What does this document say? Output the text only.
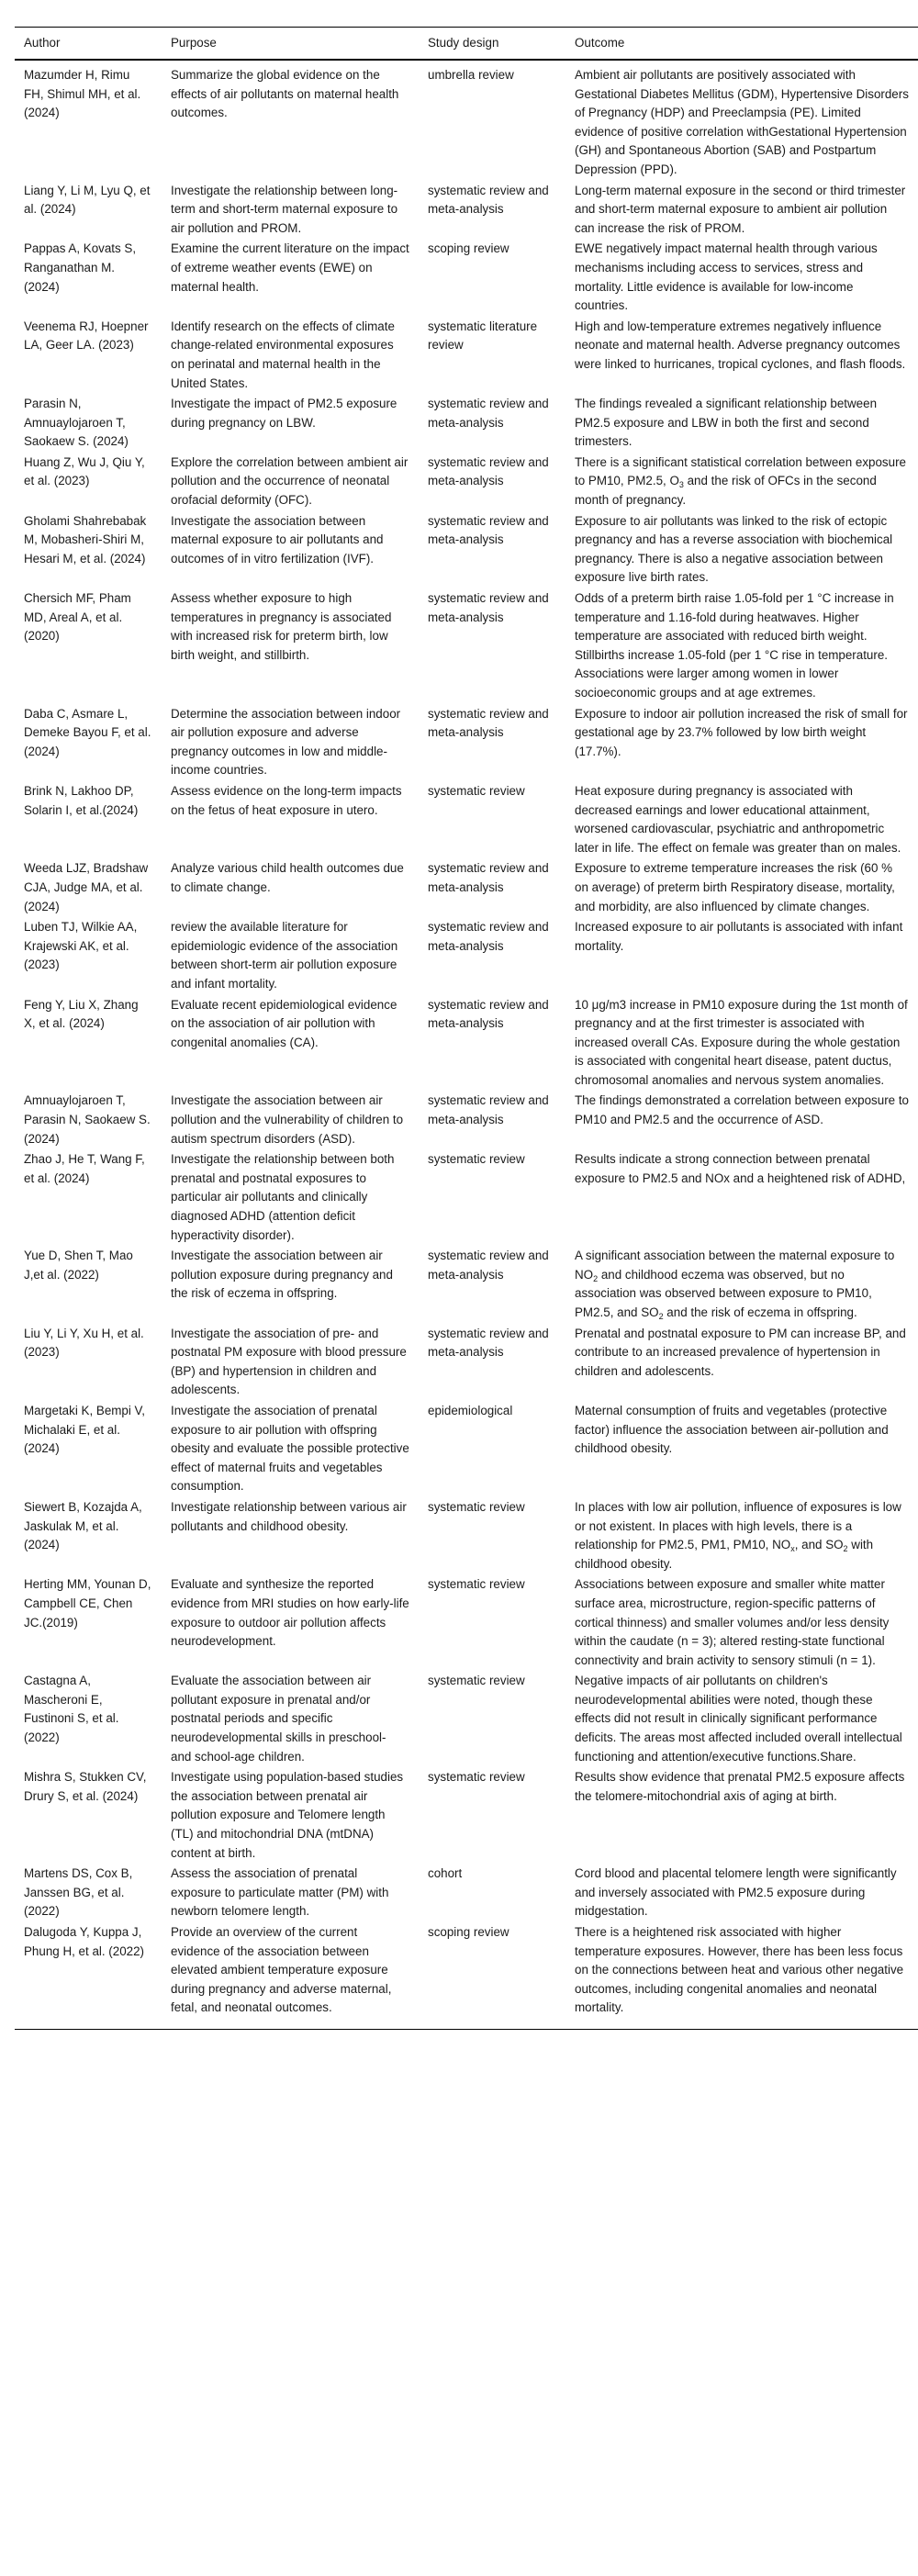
Author	Purpose	Study design	Outcome
Mazumder H, Rimu FH, Shimul MH, et al. (2024)	Summarize the global evidence on the effects of air pollutants on maternal health outcomes.	umbrella review	Ambient air pollutants are positively associated with Gestational Diabetes Mellitus (GDM), Hypertensive Disorders of Pregnancy (HDP) and Preeclampsia (PE). Limited evidence of positive correlation withGestational Hypertension (GH) and Spontaneous Abortion (SAB) and Postpartum Depression (PPD).
Liang Y, Li M, Lyu Q, et al. (2024)	Investigate the relationship between long-term and short-term maternal exposure to air pollution and PROM.	systematic review and meta-analysis	Long-term maternal exposure in the second or third trimester and short-term maternal exposure to ambient air pollution can increase the risk of PROM.
Pappas A, Kovats S, Ranganathan M. (2024)	Examine the current literature on the impact of extreme weather events (EWE) on maternal health.	scoping review	EWE negatively impact maternal health through various mechanisms including access to services, stress and mortality. Little evidence is available for low-income countries.
Veenema RJ, Hoepner LA, Geer LA. (2023)	Identify research on the effects of climate change-related environmental exposures on perinatal and maternal health in the United States.	systematic literature review	High and low-temperature extremes negatively influence neonate and maternal health. Adverse pregnancy outcomes were linked to hurricanes, tropical cyclones, and flash floods.
Parasin N, Amnuaylojaroen T, Saokaew S. (2024)	Investigate the impact of PM2.5 exposure during pregnancy on LBW.	systematic review and meta-analysis	The findings revealed a significant relationship between PM2.5 exposure and LBW in both the first and second trimesters.
Huang Z, Wu J, Qiu Y, et al. (2023)	Explore the correlation between ambient air pollution and the occurrence of neonatal orofacial deformity (OFC).	systematic review and meta-analysis	There is a significant statistical correlation between exposure to PM10, PM2.5, $O_3$ and the risk of OFCs in the second month of pregnancy.
Gholami Shahrebabak M, Mobasheri-Shiri M, Hesari M, et al. (2024)	Investigate the association between maternal exposure to air pollutants and outcomes of in vitro fertilization (IVF).	systematic review and meta-analysis	Exposure to air pollutants was linked to the risk of ectopic pregnancy and has a reverse association with biochemical pregnancy. There is also a negative association between exposure live birth rates.
Chersich MF, Pham MD, Areal A, et al. (2020)	Assess whether exposure to high temperatures in pregnancy is associated with increased risk for preterm birth, low birth weight, and stillbirth.	systematic review and meta-analysis	Odds of a preterm birth raise 1.05-fold per 1 °C increase in temperature and 1.16-fold during heatwaves. Higher temperature are associated with reduced birth weight. Stillbirths increase 1.05-fold (per 1 °C rise in temperature. Associations were larger among women in lower socioeconomic groups and at age extremes.
Daba C, Asmare L, Demeke Bayou F, et al. (2024)	Determine the association between indoor air pollution exposure and adverse pregnancy outcomes in low and middle-income countries.	systematic review and meta-analysis	Exposure to indoor air pollution increased the risk of small for gestational age by 23.7% followed by low birth weight (17.7%).
Brink N, Lakhoo DP, Solarin I, et al.(2024)	Assess evidence on the long-term impacts on the fetus of heat exposure in utero.	systematic review	Heat exposure during pregnancy is associated with decreased earnings and lower educational attainment, worsened cardiovascular, psychiatric and anthropometric later in life. The effect on female was greater than on males.
Weeda LJZ, Bradshaw CJA, Judge MA, et al. (2024)	Analyze various child health outcomes due to climate change.	systematic review and meta-analysis	Exposure to extreme temperature increases the risk (60 % on average) of preterm birth Respiratory disease, mortality, and morbidity, are also influenced by climate changes.
Luben TJ, Wilkie AA, Krajewski AK, et al. (2023)	review the available literature for epidemiologic evidence of the association between short-term air pollution exposure and infant mortality.	systematic review and meta-analysis	Increased exposure to air pollutants is associated with infant mortality.
Feng Y, Liu X, Zhang X, et al. (2024)	Evaluate recent epidemiological evidence on the association of air pollution with congenital anomalies (CA).	systematic review and meta-analysis	10 μg/m3 increase in PM10 exposure during the 1st month of pregnancy and at the first trimester is associated with increased overall CAs. Exposure during the whole gestation is associated with congenital heart disease, patent ductus, chromosomal anomalies and nervous system anomalies.
Amnuaylojaroen T, Parasin N, Saokaew S. (2024)	Investigate the association between air pollution and the vulnerability of children to autism spectrum disorders (ASD).	systematic review and meta-analysis	The findings demonstrated a correlation between exposure to PM10 and PM2.5 and the occurrence of ASD.
Zhao J, He T, Wang F, et al. (2024)	Investigate the relationship between both prenatal and postnatal exposures to particular air pollutants and clinically diagnosed ADHD (attention deficit hyperactivity disorder).	systematic review	Results indicate a strong connection between prenatal exposure to PM2.5 and NOx and a heightened risk of ADHD,
Yue D, Shen T, Mao J,et al. (2022)	Investigate the association between air pollution exposure during pregnancy and the risk of eczema in offspring.	systematic review and meta-analysis	A significant association between the maternal exposure to $NO_2$ and childhood eczema was observed, but no association was observed between exposure to PM10, PM2.5, and $SO_2$ and the risk of eczema in offspring.
Liu Y, Li Y, Xu H, et al. (2023)	Investigate the association of pre- and postnatal PM exposure with blood pressure (BP) and hypertension in children and adolescents.	systematic review and meta-analysis	Prenatal and postnatal exposure to PM can increase BP, and contribute to an increased prevalence of hypertension in children and adolescents.
Margetaki K, Bempi V, Michalaki E, et al. (2024)	Investigate the association of prenatal exposure to air pollution with offspring obesity and evaluate the possible protective effect of maternal fruits and vegetables consumption.	epidemiological	Maternal consumption of fruits and vegetables (protective factor) influence the association between air-pollution and childhood obesity.
Siewert B, Kozajda A, Jaskulak M, et al. (2024)	Investigate relationship between various air pollutants and childhood obesity.	systematic review	In places with low air pollution, influence of exposures is low or not existent. In places with high levels, there is a relationship for PM2.5, PM1, PM10, $NO_x$, and $SO_2$ with childhood obesity.
Herting MM, Younan D, Campbell CE, Chen JC.(2019)	Evaluate and synthesize the reported evidence from MRI studies on how early-life exposure to outdoor air pollution affects neurodevelopment.	systematic review	Associations between exposure and smaller white matter surface area, microstructure, region-specific patterns of cortical thinness) and smaller volumes and/or less density within the caudate (n = 3); altered resting-state functional connectivity and brain activity to sensory stimuli (n = 1).
Castagna A, Mascheroni E, Fustinoni S, et al. (2022)	Evaluate the association between air pollutant exposure in prenatal and/or postnatal periods and specific neurodevelopmental skills in preschool- and school-age children.	systematic review	Negative impacts of air pollutants on children's neurodevelopmental abilities were noted, though these effects did not result in clinically significant performance deficits. The areas most affected included overall intellectual functioning and attention/executive functions.Share.
Mishra S, Stukken CV, Drury S, et al. (2024)	Investigate using population-based studies the association between prenatal air pollution exposure and Telomere length (TL) and mitochondrial DNA (mtDNA) content at birth.	systematic review	Results show evidence that prenatal PM2.5 exposure affects the telomere-mitochondrial axis of aging at birth.
Martens DS, Cox B, Janssen BG, et al. (2022)	Assess the association of prenatal exposure to particulate matter (PM) with newborn telomere length.	cohort	Cord blood and placental telomere length were significantly and inversely associated with PM2.5 exposure during midgestation.
Dalugoda Y, Kuppa J, Phung H, et al. (2022)	Provide an overview of the current evidence of the association between elevated ambient temperature exposure during pregnancy and adverse maternal, fetal, and neonatal outcomes.	scoping review	There is a heightened risk associated with higher temperature exposures. However, there has been less focus on the connections between heat and various other negative outcomes, including congenital anomalies and neonatal mortality.
